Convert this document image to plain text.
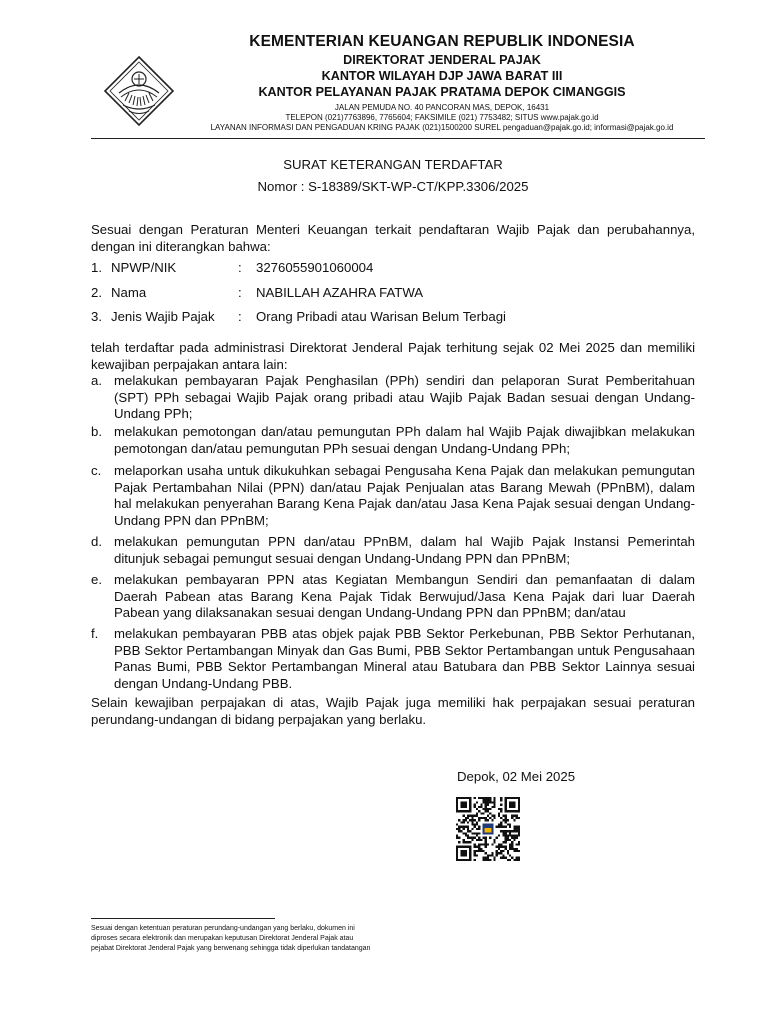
KEMENTERIAN KEUANGAN REPUBLIK INDONESIA
DIREKTORAT JENDERAL PAJAK
KANTOR WILAYAH DJP JAWA BARAT III
KANTOR PELAYANAN PAJAK PRATAMA DEPOK CIMANGGIS
JALAN PEMUDA NO. 40 PANCORAN MAS, DEPOK, 16431
TELEPON (021)7763896, 7765604; FAKSIMILE (021) 7753482; SITUS www.pajak.go.id
LAYANAN INFORMASI DAN PENGADUAN KRING PAJAK (021)1500200 SUREL pengaduan@pajak.go.id; informasi@pajak.go.id
SURAT KETERANGAN TERDAFTAR
Nomor : S-18389/SKT-WP-CT/KPP.3306/2025
Sesuai dengan Peraturan Menteri Keuangan terkait pendaftaran Wajib Pajak dan perubahannya, dengan ini diterangkan bahwa:
1. NPWP/NIK	:	3276055901060004
2. Nama	:	NABILLAH AZAHRA FATWA
3. Jenis Wajib Pajak	:	Orang Pribadi atau Warisan Belum Terbagi
telah terdaftar pada administrasi Direktorat Jenderal Pajak terhitung sejak 02 Mei 2025 dan memiliki kewajiban perpajakan antara lain:
a. melakukan pembayaran Pajak Penghasilan (PPh) sendiri dan pelaporan Surat Pemberitahuan (SPT) PPh sebagai Wajib Pajak orang pribadi atau Wajib Pajak Badan sesuai dengan Undang-Undang PPh;
b. melakukan pemotongan dan/atau pemungutan PPh dalam hal Wajib Pajak diwajibkan melakukan pemotongan dan/atau pemungutan PPh sesuai dengan Undang-Undang PPh;
c. melaporkan usaha untuk dikukuhkan sebagai Pengusaha Kena Pajak dan melakukan pemungutan Pajak Pertambahan Nilai (PPN) dan/atau Pajak Penjualan atas Barang Mewah (PPnBM), dalam hal melakukan penyerahan Barang Kena Pajak dan/atau Jasa Kena Pajak sesuai dengan Undang-Undang PPN dan PPnBM;
d. melakukan pemungutan PPN dan/atau PPnBM, dalam hal Wajib Pajak Instansi Pemerintah ditunjuk sebagai pemungut sesuai dengan Undang-Undang PPN dan PPnBM;
e. melakukan pembayaran PPN atas Kegiatan Membangun Sendiri dan pemanfaatan di dalam Daerah Pabean atas Barang Kena Pajak Tidak Berwujud/Jasa Kena Pajak dari luar Daerah Pabean yang dilaksanakan sesuai dengan Undang-Undang PPN dan PPnBM; dan/atau
f.	melakukan pembayaran PBB atas objek pajak PBB Sektor Perkebunan, PBB Sektor Perhutanan, PBB Sektor Pertambangan Minyak dan Gas Bumi, PBB Sektor Pertambangan untuk Pengusahaan Panas Bumi, PBB Sektor Pertambangan Mineral atau Batubara dan PBB Sektor Lainnya sesuai dengan Undang-Undang PBB.
Selain kewajiban perpajakan di atas, Wajib Pajak juga memiliki hak perpajakan sesuai peraturan perundang-undangan di bidang perpajakan yang berlaku.
Depok, 02 Mei 2025
Sesuai dengan ketentuan peraturan perundang-undangan yang berlaku, dokumen ini
diproses secara elektronik dan merupakan keputusan Direktorat Jenderal Pajak atau
pejabat Direktorat Jenderal Pajak yang berwenang sehingga tidak diperlukan tandatangan
